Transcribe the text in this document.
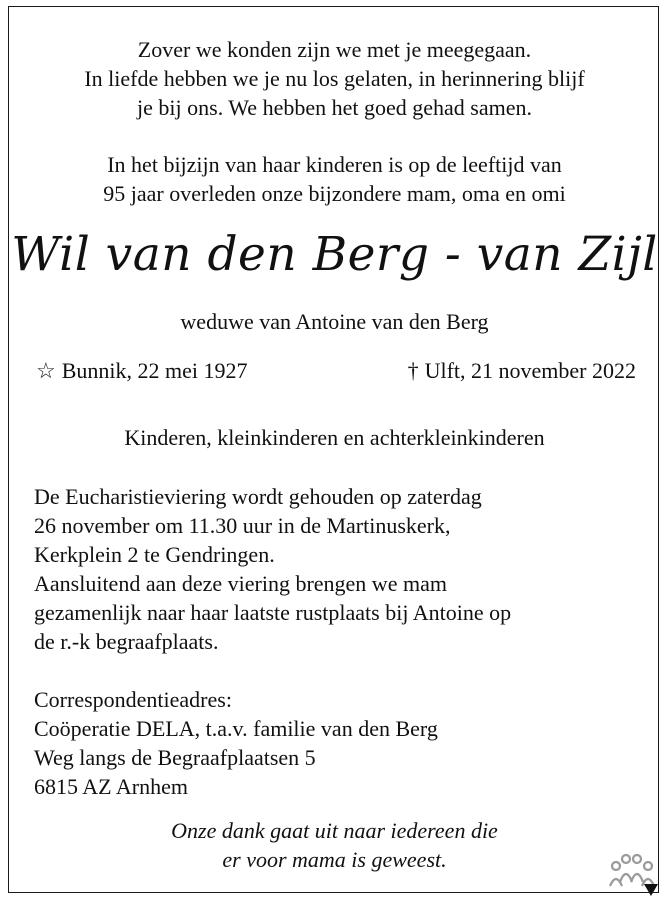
Zover we konden zijn we met je meegegaan.

In liefde hebben we je nu los gelaten, in herinnering blijf

je bij ons. We hebben het goed gehad samen.

In het bijzijn van haar kinderen is op de leeftijd van

95 jaar overleden onze bijzondere mam, oma en omi

Wil van den Berg - van Zijl

weduwe van Antoine van den Berg

☆ Bunnik, 22 mei 1927	† Ulft, 21 november 2022

Kinderen, kleinkinderen en achterkleinkinderen

De Eucharistieviering wordt gehouden op zaterdag

26 november om 11.30 uur in de Martinuskerk,

Kerkplein 2 te Gendringen.

Aansluitend aan deze viering brengen we mam

gezamenlijk naar haar laatste rustplaats bij Antoine op

de r.-k begraafplaats.

Correspondentieadres:

Coöperatie DELA, t.a.v. familie van den Berg

Weg langs de Begraafplaatsen 5

6815 AZ Arnhem

Onze dank gaat uit naar iedereen die

er voor mama is geweest.
